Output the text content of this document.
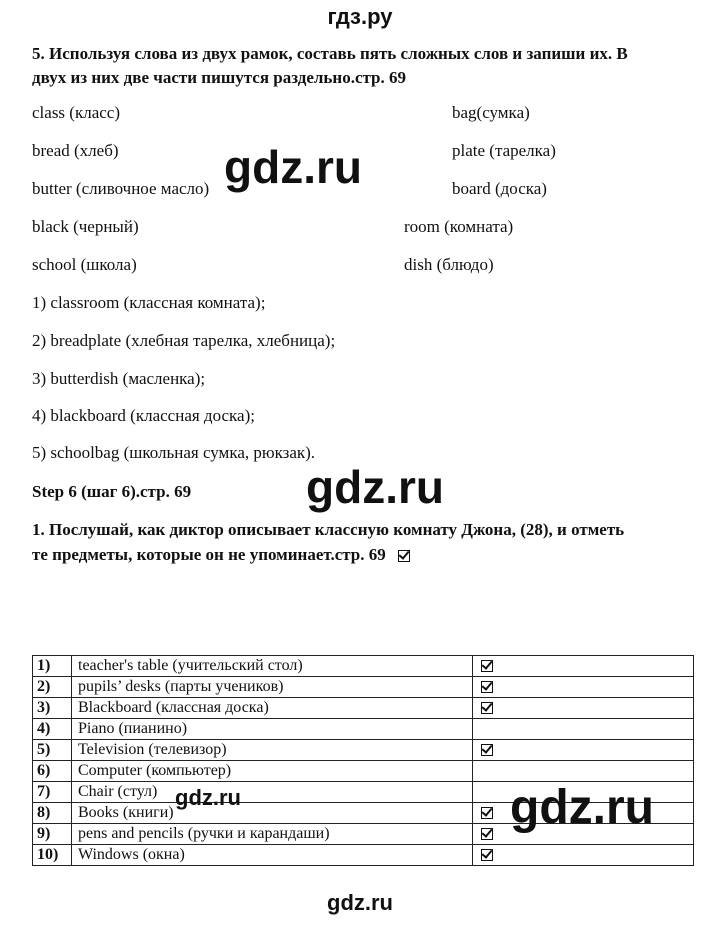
гдз.ру
5. Используя слова из двух рамок, составь пять сложных слов и запиши их. В
двух из них две части пишутся раздельно.стр. 69
class (класс)
bread (хлеб)
butter (сливочное масло)
black (черный)
school (школа)
bag(сумка)
plate (тарелка)
board (доска)
room (комната)
dish (блюдо)
1) classroom (классная комната);
2) breadplate (хлебная тарелка, хлебница);
3) butterdish (масленка);
4) blackboard (классная доска);
5) schoolbag (школьная сумка, рюкзак).
Step 6 (шаг 6).стр. 69
1. Послушай, как диктор описывает классную комнату Джона, (28), и отметь
те предметы, которые он не упоминает.стр. 69
1)	teacher's table (учительский стол)	
2)	pupils’ desks (парты учеников)	
3)	Blackboard (классная доска)	
4)	Piano (пианино)	
5)	Television (телевизор)	
6)	Computer (компьютер)	
7)	Chair (стул)	
8)	Books (книги)	
9)	pens and pencils (ручки и карандаши)	
10)	Windows (окна)	
gdz.ru
gdz.ru
gdz.ru	gdz.ru
gdz.ru
